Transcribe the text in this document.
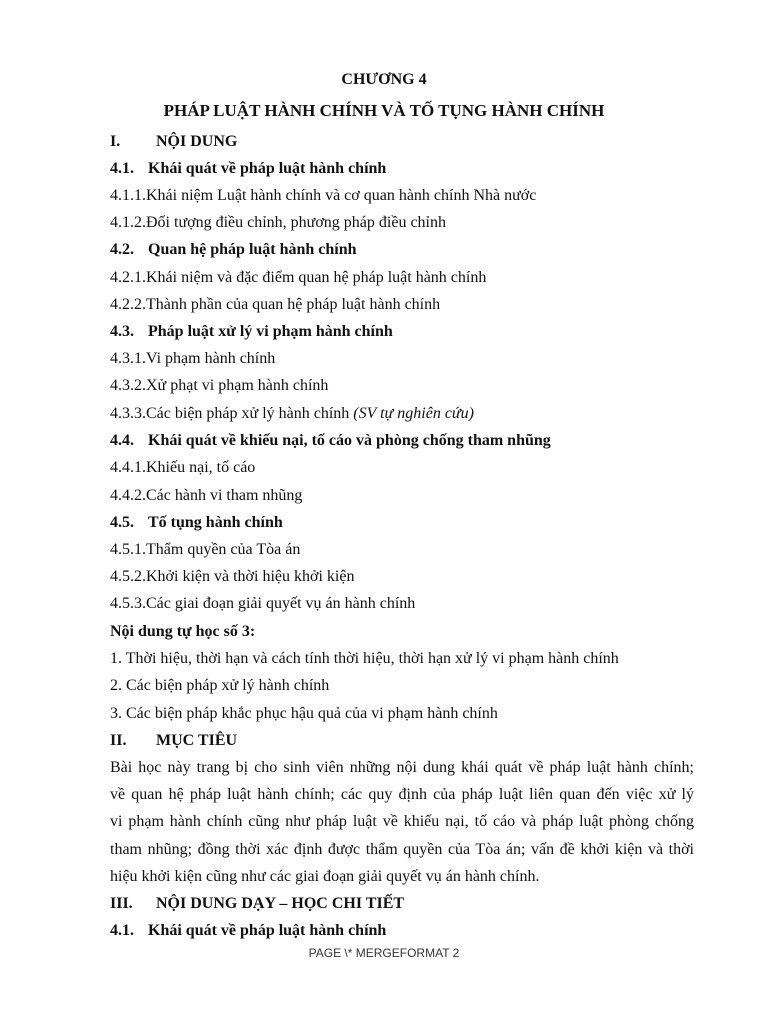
CHƯƠNG 4
PHÁP LUẬT HÀNH CHÍNH VÀ TỐ TỤNG HÀNH CHÍNH
I. NỘI DUNG
4.1. Khái quát về pháp luật hành chính
4.1.1.Khái niệm Luật hành chính và cơ quan hành chính Nhà nước
4.1.2.Đối tượng điều chỉnh, phương pháp điều chỉnh
4.2. Quan hệ pháp luật hành chính
4.2.1.Khái niệm và đặc điểm quan hệ pháp luật hành chính
4.2.2.Thành phần của quan hệ pháp luật hành chính
4.3. Pháp luật xử lý vi phạm hành chính
4.3.1.Vi phạm hành chính
4.3.2.Xử phạt vi phạm hành chính
4.3.3.Các biện pháp xử lý hành chính (SV tự nghiên cứu)
4.4. Khái quát về khiếu nại, tố cáo và phòng chống tham nhũng
4.4.1.Khiếu nại, tố cáo
4.4.2.Các hành vi tham nhũng
4.5. Tố tụng hành chính
4.5.1.Thẩm quyền của Tòa án
4.5.2.Khởi kiện và thời hiệu khởi kiện
4.5.3.Các giai đoạn giải quyết vụ án hành chính
Nội dung tự học số 3:
1. Thời hiệu, thời hạn và cách tính thời hiệu, thời hạn xử lý vi phạm hành chính
2. Các biện pháp xử lý hành chính
3. Các biện pháp khắc phục hậu quả của vi phạm hành chính
II. MỤC TIÊU
Bài học này trang bị cho sinh viên những nội dung khái quát về pháp luật hành chính;
về quan hệ pháp luật hành chính; các quy định của pháp luật liên quan đến việc xử lý
vi phạm hành chính cũng như pháp luật về khiếu nại, tố cáo và pháp luật phòng chống
tham nhũng; đồng thời xác định được thẩm quyền của Tòa án; vấn đề khởi kiện và thời
hiệu khởi kiện cũng như các giai đoạn giải quyết vụ án hành chính.
III. NỘI DUNG DẠY – HỌC CHI TIẾT
4.1. Khái quát về pháp luật hành chính
PAGE \* MERGEFORMAT 2
